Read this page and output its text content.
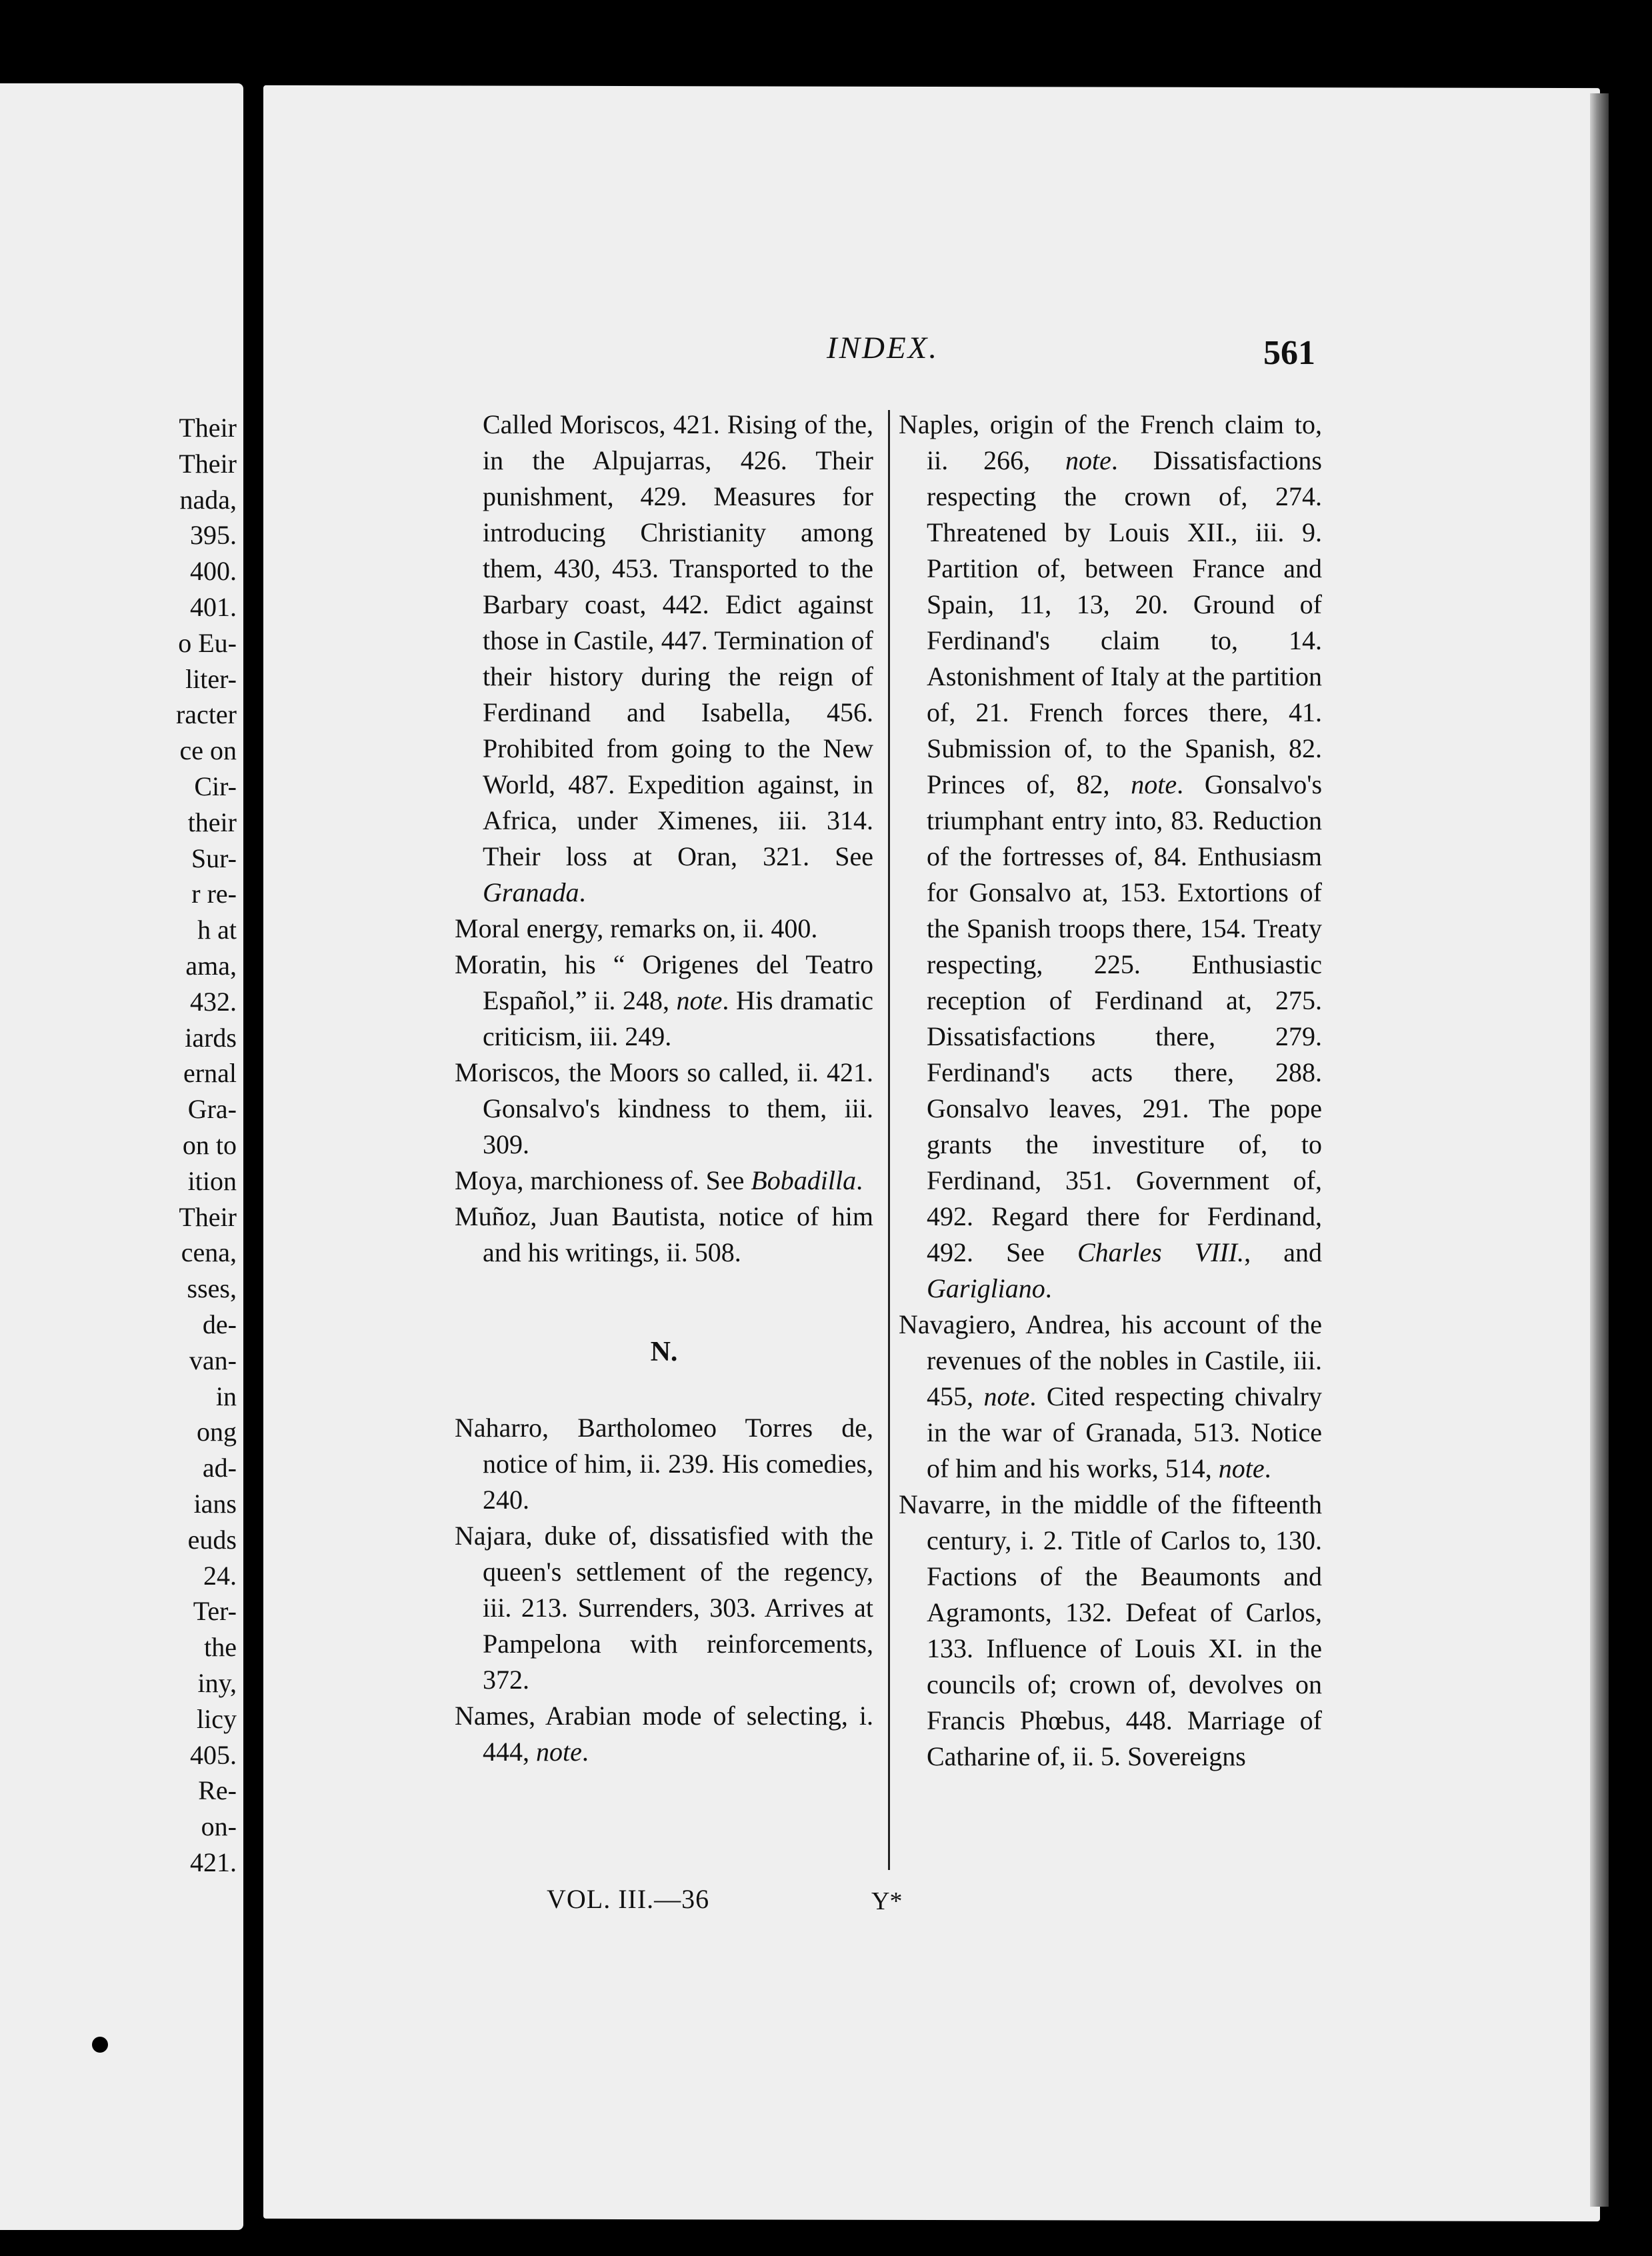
Their
Their
nada,
395.
400.
401.
o Eu-
liter-
racter
ce on
Cir-
their
Sur-
r re-
h at
ama,
432.
iards
ernal
Gra-
on to
ition
Their
cena,
sses,
de-
van-
in
ong
ad-
ians
euds
24.
Ter-
the
iny,
licy
405.
Re-
on-
421.
INDEX.	561

Called Moriscos, 421. Rising of the, in the Alpujarras, 426. Their punishment, 429. Measures for introducing Christianity among them, 430, 453. Transported to the Barbary coast, 442. Edict against those in Castile, 447. Termination of their history during the reign of Ferdinand and Isabella, 456. Prohibited from going to the New World, 487. Expedition against, in Africa, under Ximenes, iii. 314. Their loss at Oran, 321. See Granada.

Moral energy, remarks on, ii. 400.

Moratin, his “ Origenes del Teatro Español,” ii. 248, note. His dramatic criticism, iii. 249.

Moriscos, the Moors so called, ii. 421. Gonsalvo's kindness to them, iii. 309.

Moya, marchioness of. See Bobadilla.

Muñoz, Juan Bautista, notice of him and his writings, ii. 508.

N.

Naharro, Bartholomeo Torres de, notice of him, ii. 239. His comedies, 240.

Najara, duke of, dissatisfied with the queen's settlement of the regency, iii. 213. Surrenders, 303. Arrives at Pampelona with reinforcements, 372.

Names, Arabian mode of selecting, i. 444, note.

Naples, origin of the French claim to, ii. 266, note. Dissatisfactions respecting the crown of, 274. Threatened by Louis XII., iii. 9. Partition of, between France and Spain, 11, 13, 20. Ground of Ferdinand's claim to, 14. Astonishment of Italy at the partition of, 21. French forces there, 41. Submission of, to the Spanish, 82. Princes of, 82, note. Gonsalvo's triumphant entry into, 83. Reduction of the fortresses of, 84. Enthusiasm for Gonsalvo at, 153. Extortions of the Spanish troops there, 154. Treaty respecting, 225. Enthusiastic reception of Ferdinand at, 275. Dissatisfactions there, 279. Ferdinand's acts there, 288. Gonsalvo leaves, 291. The pope grants the investiture of, to Ferdinand, 351. Government of, 492. Regard there for Ferdinand, 492. See Charles VIII., and Garigliano.

Navagiero, Andrea, his account of the revenues of the nobles in Castile, iii. 455, note. Cited respecting chivalry in the war of Granada, 513. Notice of him and his works, 514, note.

Navarre, in the middle of the fifteenth century, i. 2. Title of Carlos to, 130. Factions of the Beaumonts and Agramonts, 132. Defeat of Carlos, 133. Influence of Louis XI. in the councils of; crown of, devolves on Francis Phœbus, 448. Marriage of Catharine of, ii. 5. Sovereigns

VOL. III.—36	Y*
